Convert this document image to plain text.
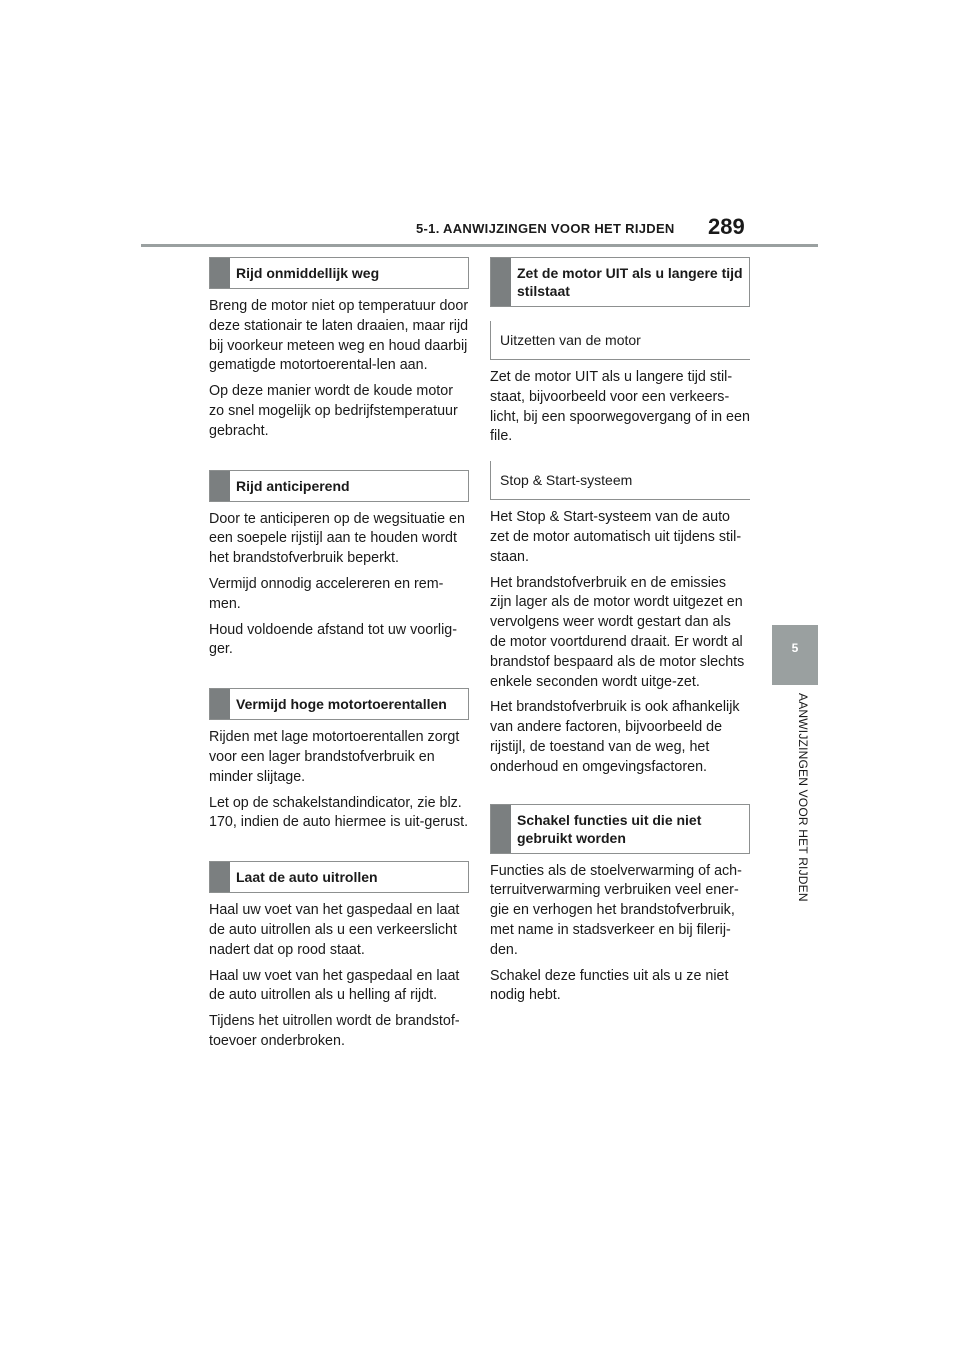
5-1. AANWIJZINGEN VOOR HET RIJDEN 289
5
AANWIJZINGEN VOOR HET RIJDEN
Rijd onmiddellijk weg

Breng de motor niet op temperatuur door deze stationair te laten draaien, maar rijd bij voorkeur meteen weg en houd daarbij gematigde motortoerental-len aan.

Op deze manier wordt de koude motor zo snel mogelijk op bedrijfstemperatuur gebracht.

Rijd anticiperend

Door te anticiperen op de wegsituatie en een soepele rijstijl aan te houden wordt het brandstofverbruik beperkt.

Vermijd onnodig accelereren en rem-men.

Houd voldoende afstand tot uw voorlig-ger.

Vermijd hoge motortoerentallen

Rijden met lage motortoerentallen zorgt voor een lager brandstofverbruik en minder slijtage.

Let op de schakelstandindicator, zie blz. 170, indien de auto hiermee is uit-gerust.

Laat de auto uitrollen

Haal uw voet van het gaspedaal en laat de auto uitrollen als u een verkeerslicht nadert dat op rood staat.

Haal uw voet van het gaspedaal en laat de auto uitrollen als u helling af rijdt.

Tijdens het uitrollen wordt de brandstof-toevoer onderbroken.

Zet de motor UIT als u langere tijd stilstaat
Uitzetten van de motor

Zet de motor UIT als u langere tijd stil-staat, bijvoorbeeld voor een verkeers-licht, bij een spoorwegovergang of in een file.

Stop & Start-systeem

Het Stop & Start-systeem van de auto zet de motor automatisch uit tijdens stil-staan.

Het brandstofverbruik en de emissies zijn lager als de motor wordt uitgezet en vervolgens weer wordt gestart dan als de motor voortdurend draait. Er wordt al brandstof bespaard als de motor slechts enkele seconden wordt uitge-zet.

Het brandstofverbruik is ook afhankelijk van andere factoren, bijvoorbeeld de rijstijl, de toestand van de weg, het onderhoud en omgevingsfactoren.

Schakel functies uit die niet gebruikt worden

Functies als de stoelverwarming of ach-terruitverwarming verbruiken veel ener-gie en verhogen het brandstofverbruik, met name in stadsverkeer en bij filerij-den.

Schakel deze functies uit als u ze niet nodig hebt.
